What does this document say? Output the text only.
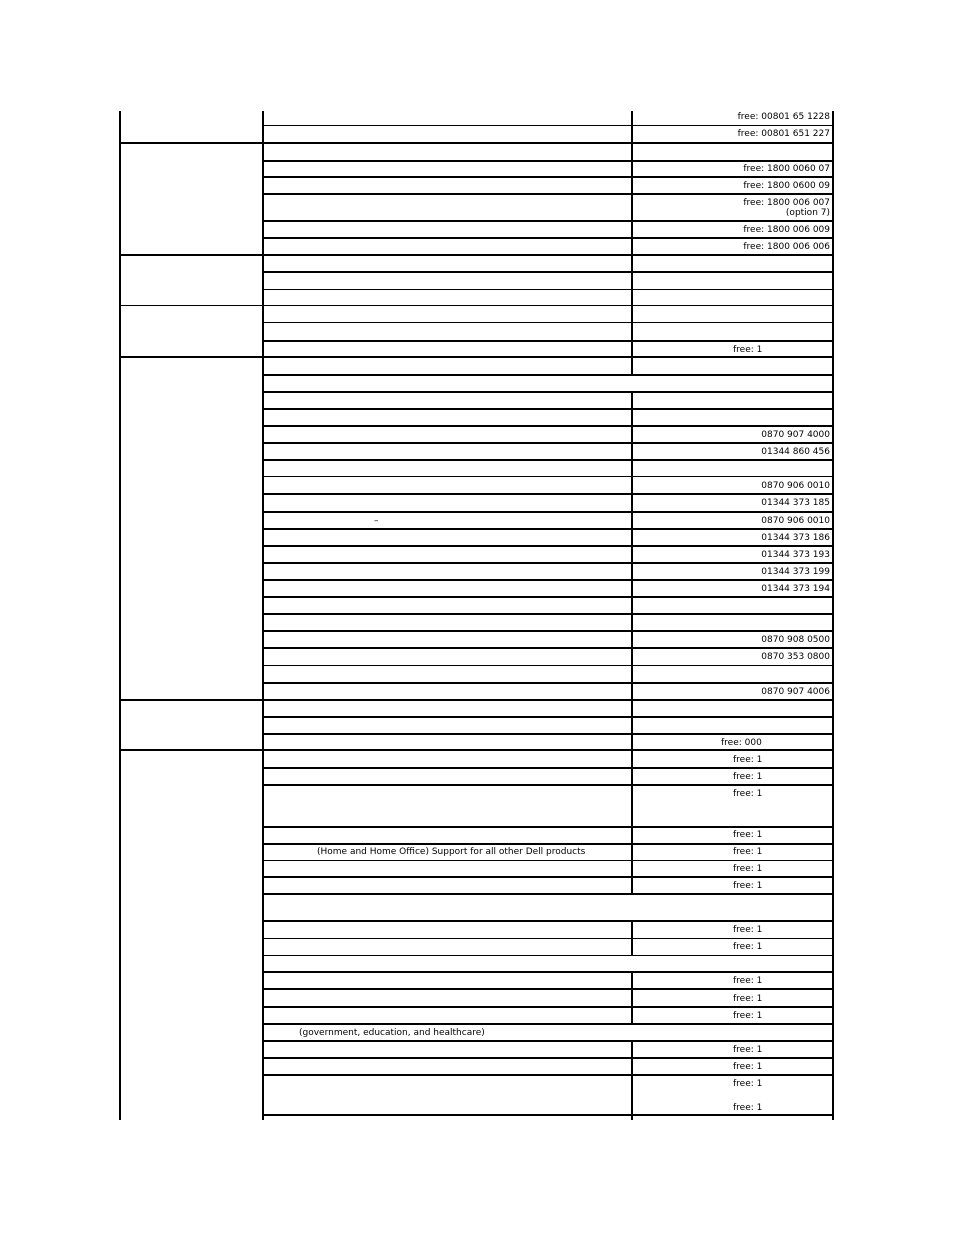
free: 00801 65 1228
free: 00801 651 227
free: 1800 0060 07
free: 1800 0600 09
free: 1800 006 007
(option 7)
free: 1800 006 009
free: 1800 006 006
free: 1
0870 907 4000
01344 860 456
0870 906 0010
01344 373 185
–	0870 906 0010
01344 373 186
01344 373 193
01344 373 199
01344 373 194
0870 908 0500
0870 353 0800
0870 907 4006
free: 000
free: 1
free: 1
free: 1
free: 1
(Home and Home Office) Support for all other Dell products	free: 1
free: 1
free: 1
free: 1
free: 1
free: 1
free: 1
free: 1
(government, education, and healthcare)
free: 1
free: 1
free: 1
free: 1
